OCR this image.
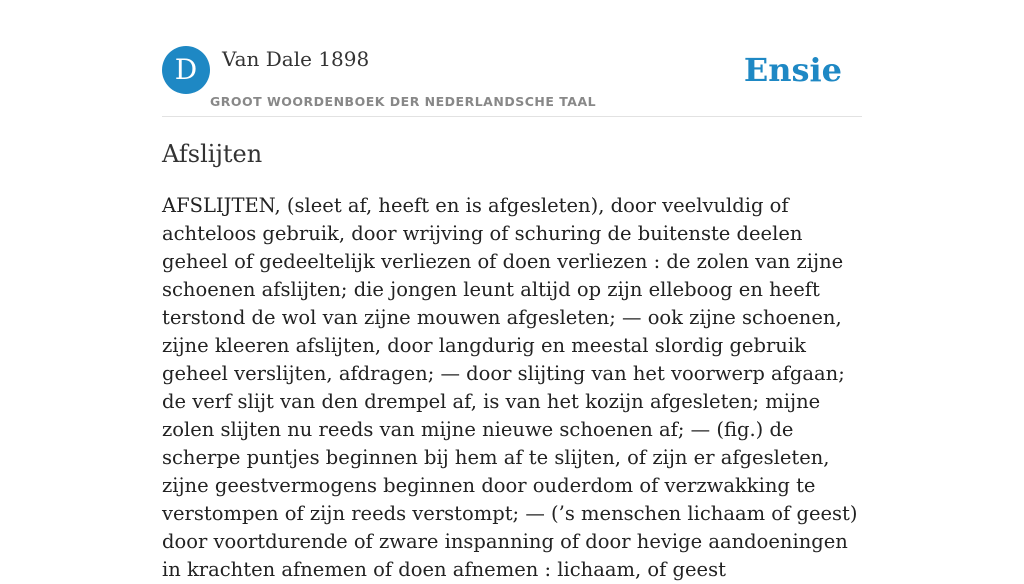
D	Van Dale 1898
GROOT WOORDENBOEK DER NEDERLANDSCHE TAAL
Ensie
Afslijten

AFSLIJTEN, (sleet af, heeft en is afgesleten), door veelvuldig of achteloos gebruik, door wrijving of schuring de buitenste deelen geheel of gedeeltelijk verliezen of doen verliezen : de zolen van zijne schoenen afslijten; die jongen leunt altijd op zijn elleboog en heeft terstond de wol van zijne mouwen afgesleten; — ook zijne schoenen, zijne kleeren afslijten, door langdurig en meestal slordig gebruik geheel verslijten, afdragen; — door slijting van het voorwerp afgaan; de verf slijt van den drempel af, is van het kozijn afgesleten; mijne zolen slijten nu reeds van mijne nieuwe schoenen af; — (fig.) de scherpe puntjes beginnen bij hem af te slijten, of zijn er afgesleten, zijne geestvermogens beginnen door ouderdom of verzwakking te verstompen of zijn reeds verstompt; — (’s menschen lichaam of geest) door voortdurende of zware inspanning of door hevige aandoeningen in krachten afnemen of doen afnemen : lichaam, of geest
